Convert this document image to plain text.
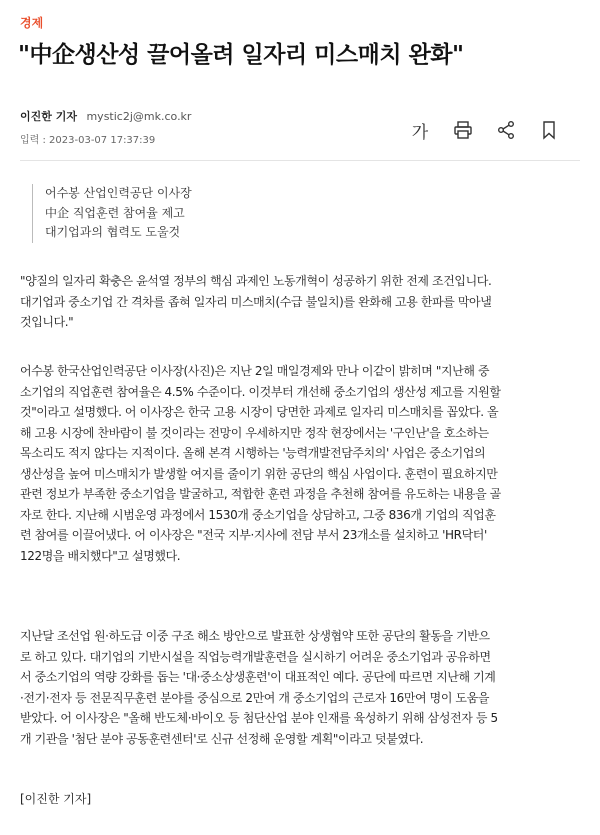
경제
"中企생산성 끌어올려 일자리 미스매치 완화"
이진한 기자 mystic2j@mk.co.kr
입력 : 2023-03-07 17:37:39	가
어수봉 산업인력공단 이사장
中企 직업훈련 참여율 제고
대기업과의 협력도 도울것

"양질의 일자리 확충은 윤석열 정부의 핵심 과제인 노동개혁이 성공하기 위한 전제 조건입니다.
대기업과 중소기업 간 격차를 좁혀 일자리 미스매치(수급 불일치)를 완화해 고용 한파를 막아낼
것입니다."

어수봉 한국산업인력공단 이사장(사진)은 지난 2일 매일경제와 만나 이같이 밝히며 "지난해 중
소기업의 직업훈련 참여율은 4.5% 수준이다. 이것부터 개선해 중소기업의 생산성 제고를 지원할
것"이라고 설명했다. 어 이사장은 한국 고용 시장이 당면한 과제로 일자리 미스매치를 꼽았다. 올
해 고용 시장에 찬바람이 불 것이라는 전망이 우세하지만 정작 현장에서는 '구인난'을 호소하는
목소리도 적지 않다는 지적이다. 올해 본격 시행하는 '능력개발전담주치의' 사업은 중소기업의
생산성을 높여 미스매치가 발생할 여지를 줄이기 위한 공단의 핵심 사업이다. 훈련이 필요하지만
관련 정보가 부족한 중소기업을 발굴하고, 적합한 훈련 과정을 추천해 참여를 유도하는 내용을 골
자로 한다. 지난해 시범운영 과정에서 1530개 중소기업을 상담하고, 그중 836개 기업의 직업훈
련 참여를 이끌어냈다. 어 이사장은 "전국 지부·지사에 전담 부서 23개소를 설치하고 'HR닥터'
122명을 배치했다"고 설명했다.

지난달 조선업 원·하도급 이중 구조 해소 방안으로 발표한 상생협약 또한 공단의 활동을 기반으
로 하고 있다. 대기업의 기반시설을 직업능력개발훈련을 실시하기 어려운 중소기업과 공유하면
서 중소기업의 역량 강화를 돕는 '대·중소상생훈련'이 대표적인 예다. 공단에 따르면 지난해 기계
·전기·전자 등 전문직무훈련 분야를 중심으로 2만여 개 중소기업의 근로자 16만여 명이 도움을
받았다. 어 이사장은 "올해 반도체·바이오 등 첨단산업 분야 인재를 육성하기 위해 삼성전자 등 5
개 기관을 '첨단 분야 공동훈련센터'로 신규 선정해 운영할 계획"이라고 덧붙였다.

[이진한 기자]
